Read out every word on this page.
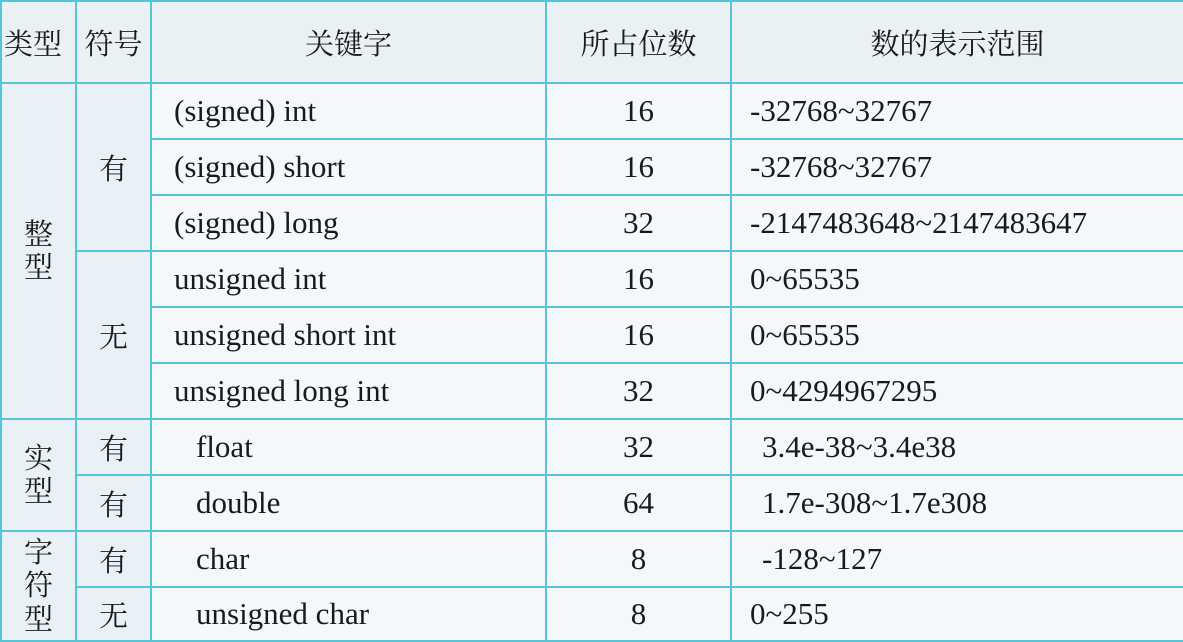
类型	符号	关键字	所占位数	数的表示范围
整型	有	(signed) int	16	-32768~32767
		(signed) short	16	-32768~32767
		(signed) long	32	-2147483648~2147483647
	无	unsigned int	16	0~65535
		unsigned short int	16	0~65535
		unsigned long int	32	0~4294967295
实型	有	float	32	3.4e-38~3.4e38
	有	double	64	1.7e-308~1.7e308
字符型	有	char	8	-128~127
	无	unsigned char	8	0~255
